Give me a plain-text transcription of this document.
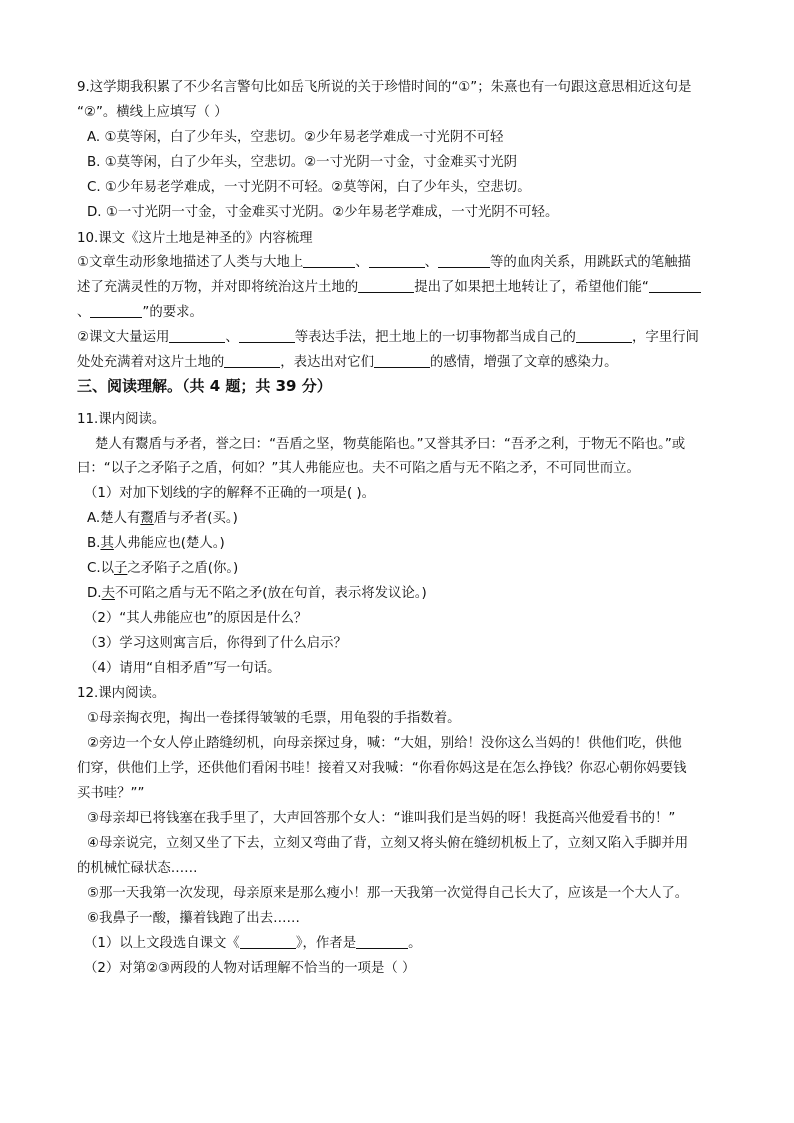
9.这学期我积累了不少名言警句比如岳飞所说的关于珍惜时间的“①”；朱熹也有一句跟这意思相近这句是
“②”。横线上应填写（ ）
A. ①莫等闲，白了少年头，空悲切。②少年易老学难成一寸光阴不可轻
B. ①莫等闲，白了少年头，空悲切。②一寸光阴一寸金，寸金难买寸光阴
C. ①少年易老学难成，一寸光阴不可轻。②莫等闲，白了少年头，空悲切。
D. ①一寸光阴一寸金，寸金难买寸光阴。②少年易老学难成，一寸光阴不可轻。
10.课文《这片土地是神圣的》内容梳理
①文章生动形象地描述了人类与大地上	、	、	等的血肉关系，用跳跃式的笔触描
述了充满灵性的万物，并对即将统治这片土地的	提出了如果把土地转让了，希望他们能“
、	”的要求。
②课文大量运用	、	等表达手法，把土地上的一切事物都当成自己的	，字里行间
处处充满着对这片土地的	，表达出对它们	的感情，增强了文章的感染力。
三、阅读理解。（共 4 题；共 39 分）
11.课内阅读。
楚人有鬻盾与矛者，誉之曰：“吾盾之坚，物莫能陷也。”又誉其矛曰：“吾矛之利，于物无不陷也。”或
曰：“以子之矛陷子之盾，何如？”其人弗能应也。夫不可陷之盾与无不陷之矛，不可同世而立。
（1）对加下划线的字的解释不正确的一项是( )。
A.楚人有鬻盾与矛者(买。)
B.其人弗能应也(楚人。)
C.以子之矛陷子之盾(你。)
D.夫不可陷之盾与无不陷之矛(放在句首，表示将发议论。)
（2）“其人弗能应也”的原因是什么？
（3）学习这则寓言后，你得到了什么启示？
（4）请用“自相矛盾”写一句话。
12.课内阅读。
①母亲掏衣兜，掏出一卷揉得皱皱的毛票，用龟裂的手指数着。
②旁边一个女人停止踏缝纫机，向母亲探过身，喊：“大姐，别给！没你这么当妈的！供他们吃，供他
们穿，供他们上学，还供他们看闲书哇！接着又对我喊：“你看你妈这是在怎么挣钱？你忍心朝你妈要钱
买书哇？””
③母亲却已将钱塞在我手里了，大声回答那个女人：“谁叫我们是当妈的呀！我挺高兴他爱看书的！”
④母亲说完，立刻又坐了下去，立刻又弯曲了背，立刻又将头俯在缝纫机板上了，立刻又陷入手脚并用
的机械忙碌状态……
⑤那一天我第一次发现，母亲原来是那么瘦小！那一天我第一次觉得自己长大了，应该是一个大人了。
⑥我鼻子一酸，攥着钱跑了出去……
（1）以上文段选自课文《	》，作者是	。
（2）对第②③两段的人物对话理解不恰当的一项是（ ）
